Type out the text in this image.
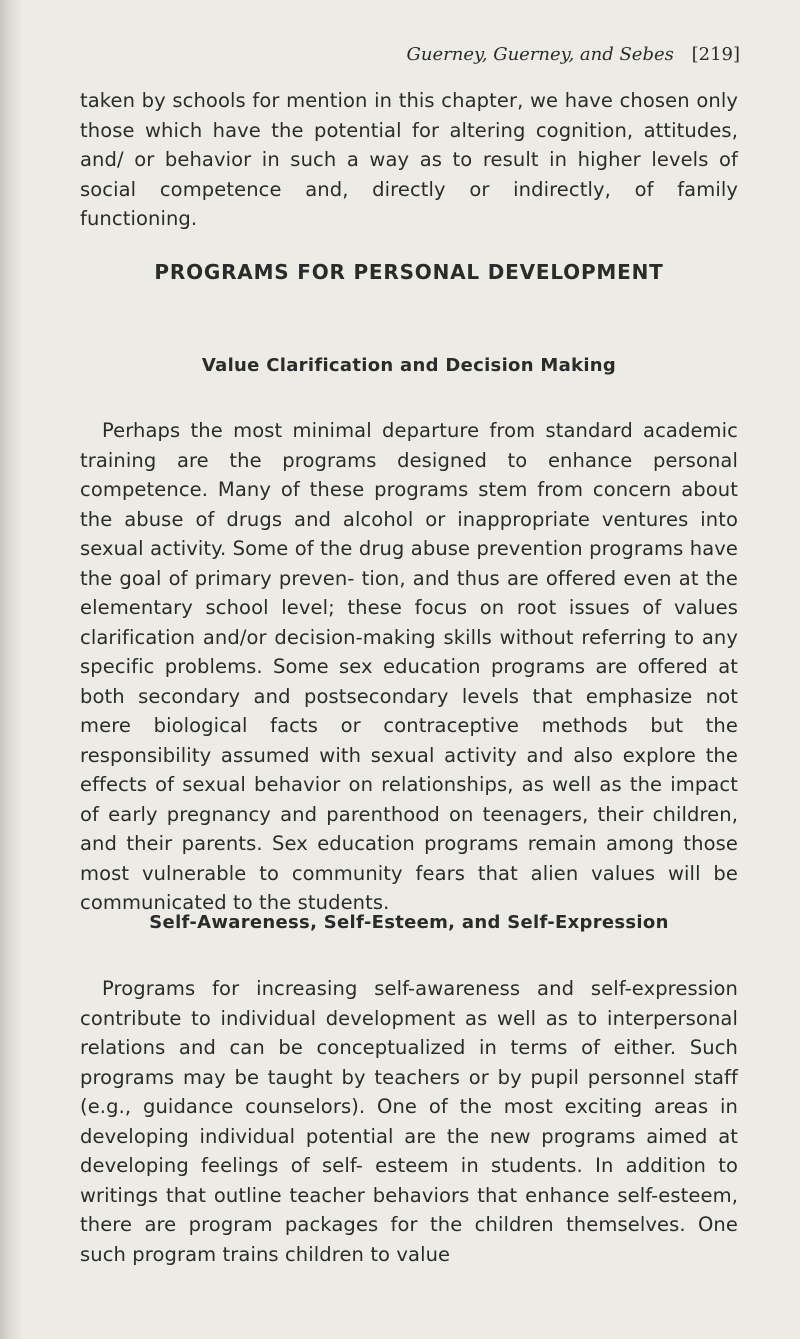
Guerney, Guerney, and Sebes [219]

taken by schools for mention in this chapter, we have chosen only those which have the potential for altering cognition, attitudes, and/ or behavior in such a way as to result in higher levels of social competence and, directly or indirectly, of family functioning.

PROGRAMS FOR PERSONAL DEVELOPMENT
Value Clarification and Decision Making

Perhaps the most minimal departure from standard academic training are the programs designed to enhance personal competence. Many of these programs stem from concern about the abuse of drugs and alcohol or inappropriate ventures into sexual activity. Some of the drug abuse prevention programs have the goal of primary preven- tion, and thus are offered even at the elementary school level; these focus on root issues of values clarification and/or decision-making skills without referring to any specific problems. Some sex education programs are offered at both secondary and postsecondary levels that emphasize not mere biological facts or contraceptive methods but the responsibility assumed with sexual activity and also explore the effects of sexual behavior on relationships, as well as the impact of early pregnancy and parenthood on teenagers, their children, and their parents. Sex education programs remain among those most vulnerable to community fears that alien values will be communicated to the students.

Self-Awareness, Self-Esteem, and Self-Expression

Programs for increasing self-awareness and self-expression contribute to individual development as well as to interpersonal relations and can be conceptualized in terms of either. Such programs may be taught by teachers or by pupil personnel staff (e.g., guidance counselors). One of the most exciting areas in developing individual potential are the new programs aimed at developing feelings of self- esteem in students. In addition to writings that outline teacher behaviors that enhance self-esteem, there are program packages for the children themselves. One such program trains children to value
